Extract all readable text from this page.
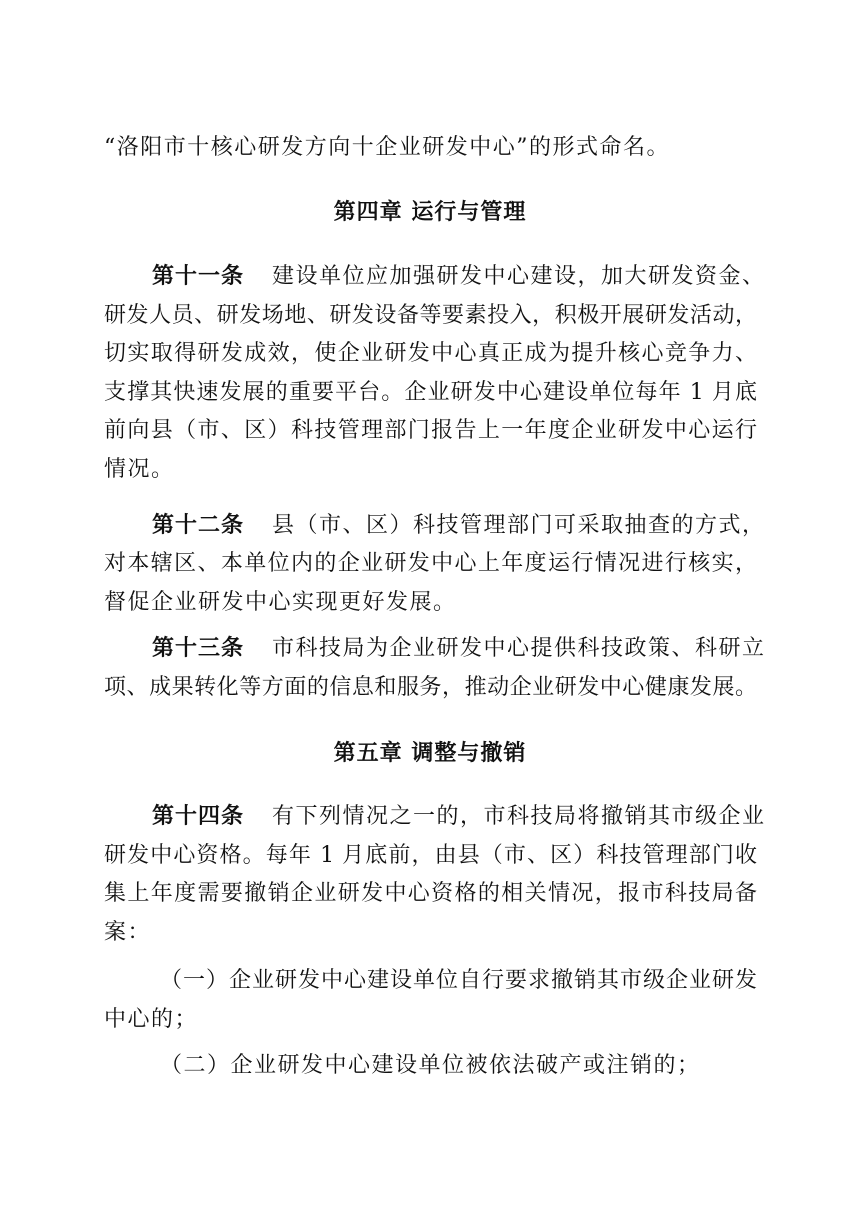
“洛阳市十核心研发方向十企业研发中心”的形式命名。
第四章 运行与管理
第十一条 建设单位应加强研发中心建设，加大研发资金、
研发人员、研发场地、研发设备等要素投入，积极开展研发活动，
切实取得研发成效，使企业研发中心真正成为提升核心竞争力、
支撑其快速发展的重要平台。企业研发中心建设单位每年 1 月底
前向县（市、区）科技管理部门报告上一年度企业研发中心运行
情况。
第十二条 县（市、区）科技管理部门可采取抽查的方式，
对本辖区、本单位内的企业研发中心上年度运行情况进行核实，
督促企业研发中心实现更好发展。
第十三条 市科技局为企业研发中心提供科技政策、科研立
项、成果转化等方面的信息和服务，推动企业研发中心健康发展。
第五章 调整与撤销
第十四条 有下列情况之一的，市科技局将撤销其市级企业
研发中心资格。每年 1 月底前，由县（市、区）科技管理部门收
集上年度需要撤销企业研发中心资格的相关情况，报市科技局备
案：
（一）企业研发中心建设单位自行要求撤销其市级企业研发
中心的；
（二）企业研发中心建设单位被依法破产或注销的；
